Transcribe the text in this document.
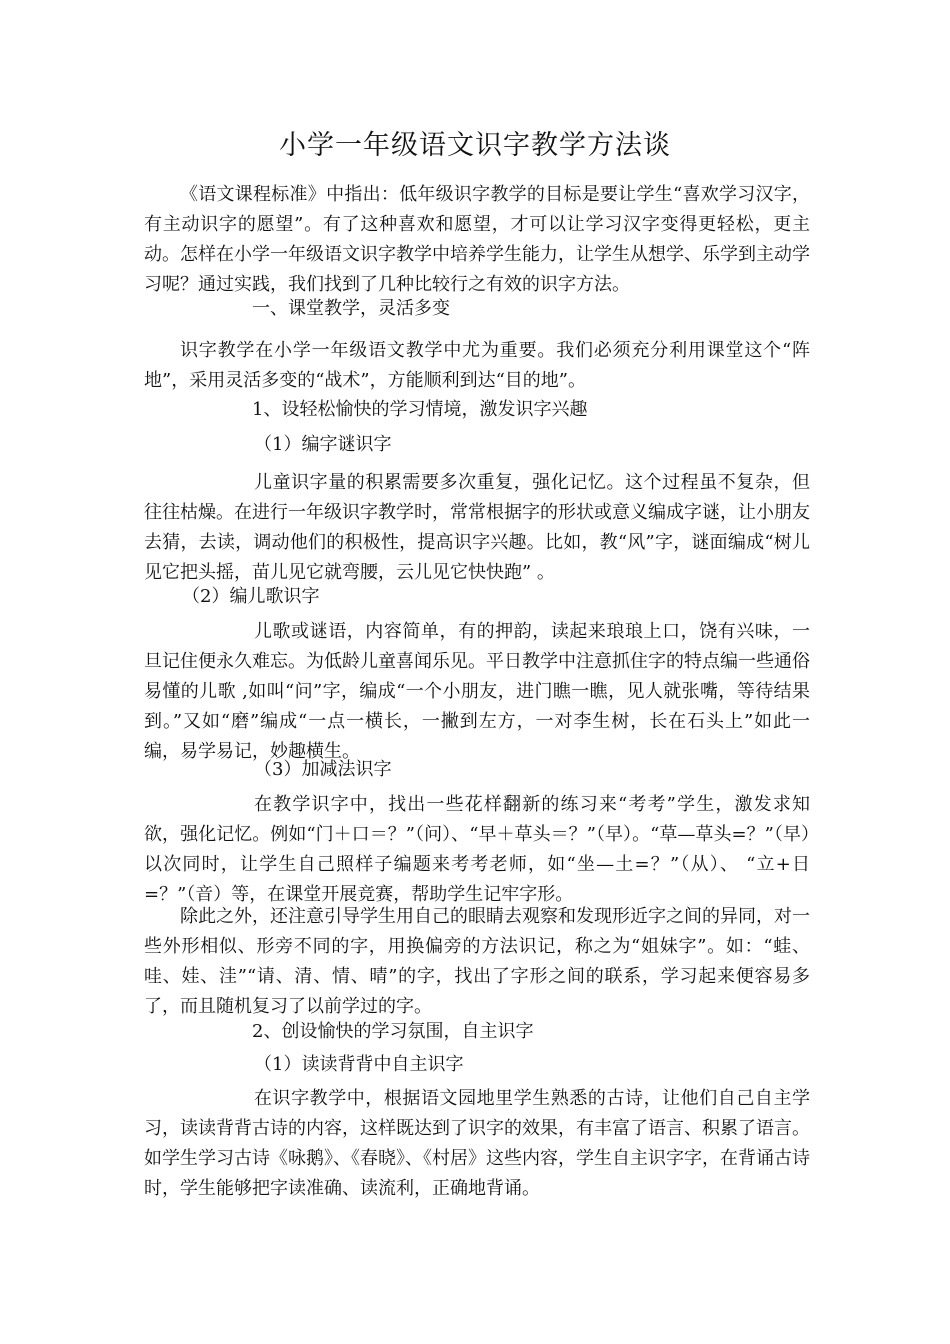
小学一年级语文识字教学方法谈

《语文课程标准》中指出：低年级识字教学的目标是要让学生“喜欢学习汉字，有主动识字的愿望”。有了这种喜欢和愿望，才可以让学习汉字变得更轻松，更主动。怎样在小学一年级语文识字教学中培养学生能力，让学生从想学、乐学到主动学习呢？通过实践，我们找到了几种比较行之有效的识字方法。

一、课堂教学，灵活多变

识字教学在小学一年级语文教学中尤为重要。我们必须充分利用课堂这个“阵地”，采用灵活多变的“战术”，方能顺利到达“目的地”。

1、设轻松愉快的学习情境，激发识字兴趣

（1）编字谜识字

儿童识字量的积累需要多次重复，强化记忆。这个过程虽不复杂，但往往枯燥。在进行一年级识字教学时，常常根据字的形状或意义编成字谜，让小朋友去猜，去读，调动他们的积极性，提高识字兴趣。比如，教“风”字，谜面编成“树儿见它把头摇，苗儿见它就弯腰，云儿见它快快跑” 。

（2）编儿歌识字

儿歌或谜语，内容简单，有的押韵，读起来琅琅上口，饶有兴味，一旦记住便永久难忘。为低龄儿童喜闻乐见。平日教学中注意抓住字的特点编一些通俗易懂的儿歌 ,如叫“问”字，编成“一个小朋友，进门瞧一瞧，见人就张嘴，等待结果到。”又如“磨”编成“一点一横长，一撇到左方，一对李生树，长在石头上”如此一编，易学易记，妙趣横生。

（3）加减法识字

在教学识字中，找出一些花样翻新的练习来“考考”学生，激发求知欲，强化记忆。例如“门＋口＝？”（问）、“早＋草头＝？”（早）。“草—草头=？”（早）以次同时，让学生自己照样子编题来考考老师，如“坐—土=？”（从）、 “立+日=？”（音）等，在课堂开展竞赛，帮助学生记牢字形。

除此之外，还注意引导学生用自己的眼睛去观察和发现形近字之间的异同，对一些外形相似、形旁不同的字，用换偏旁的方法识记，称之为“姐妹字”。如：“蛙、哇、娃、洼”“请、清、情、晴”的字，找出了字形之间的联系，学习起来便容易多了，而且随机复习了以前学过的字。

2、创设愉快的学习氛围，自主识字

（1）读读背背中自主识字

在识字教学中，根据语文园地里学生熟悉的古诗，让他们自己自主学习，读读背背古诗的内容，这样既达到了识字的效果，有丰富了语言、积累了语言。如学生学习古诗《咏鹅》、《春晓》、《村居》这些内容，学生自主识字字，在背诵古诗时，学生能够把字读准确、读流利，正确地背诵。
